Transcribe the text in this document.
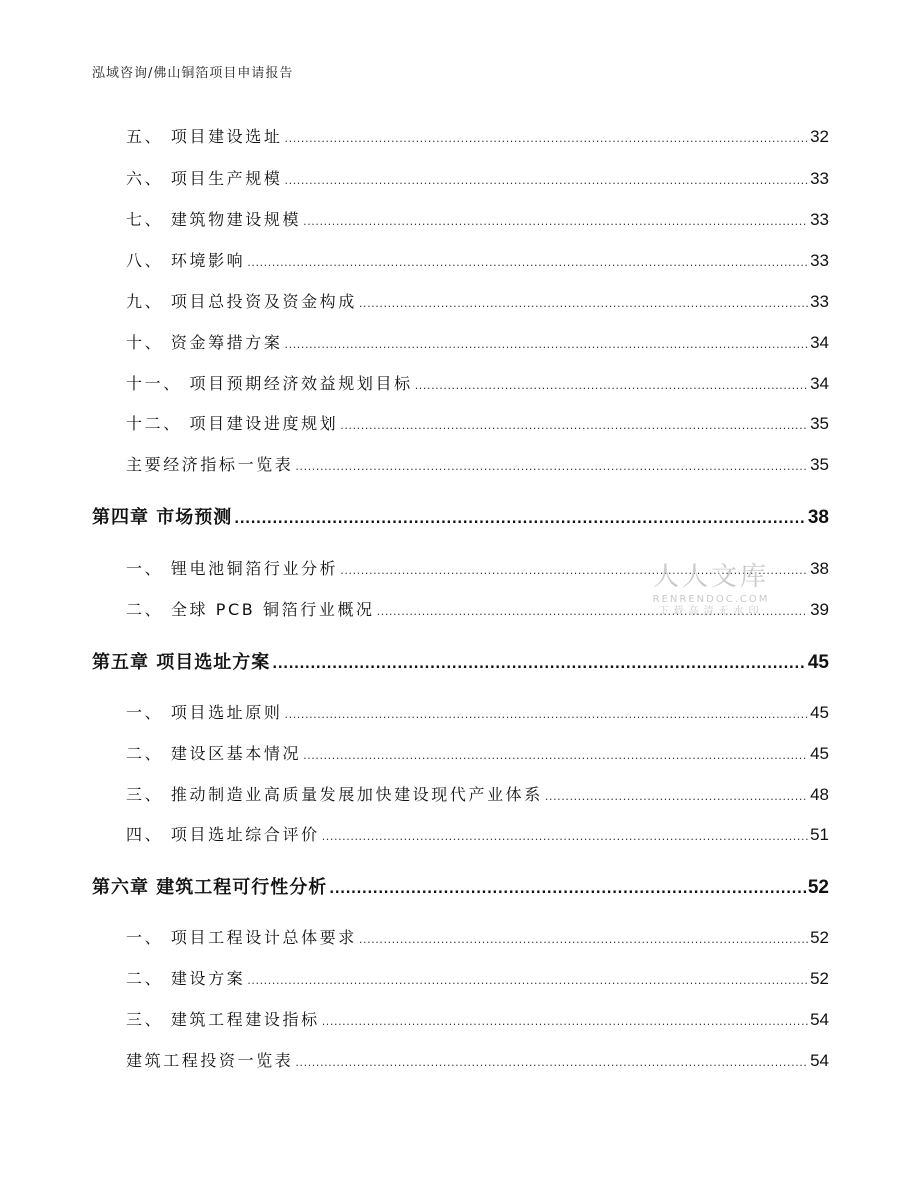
泓域咨询/佛山铜箔项目申请报告
五、 项目建设选址 .....	32
六、 项目生产规模 .....	33
七、 建筑物建设规模 .....	33
八、 环境影响 .....	33
九、 项目总投资及资金构成 .....	33
十、 资金筹措方案 .....	34
十一、 项目预期经济效益规划目标 .....	34
十二、 项目建设进度规划 .....	35
主要经济指标一览表 .....	35
第四章 市场预测 .....	38
一、 锂电池铜箔行业分析 .....	38
二、 全球 PCB 铜箔行业概况 .....	39
第五章 项目选址方案 .....	45
一、 项目选址原则 .....	45
二、 建设区基本情况 .....	45
三、 推动制造业高质量发展加快建设现代产业体系 .....	48
四、 项目选址综合评价 .....	51
第六章 建筑工程可行性分析 .....	52
一、 项目工程设计总体要求 .....	52
二、 建设方案 .....	52
三、 建筑工程建设指标 .....	54
建筑工程投资一览表 .....	54
人人文库
RENRENDOC.COM
下载高清无水印
